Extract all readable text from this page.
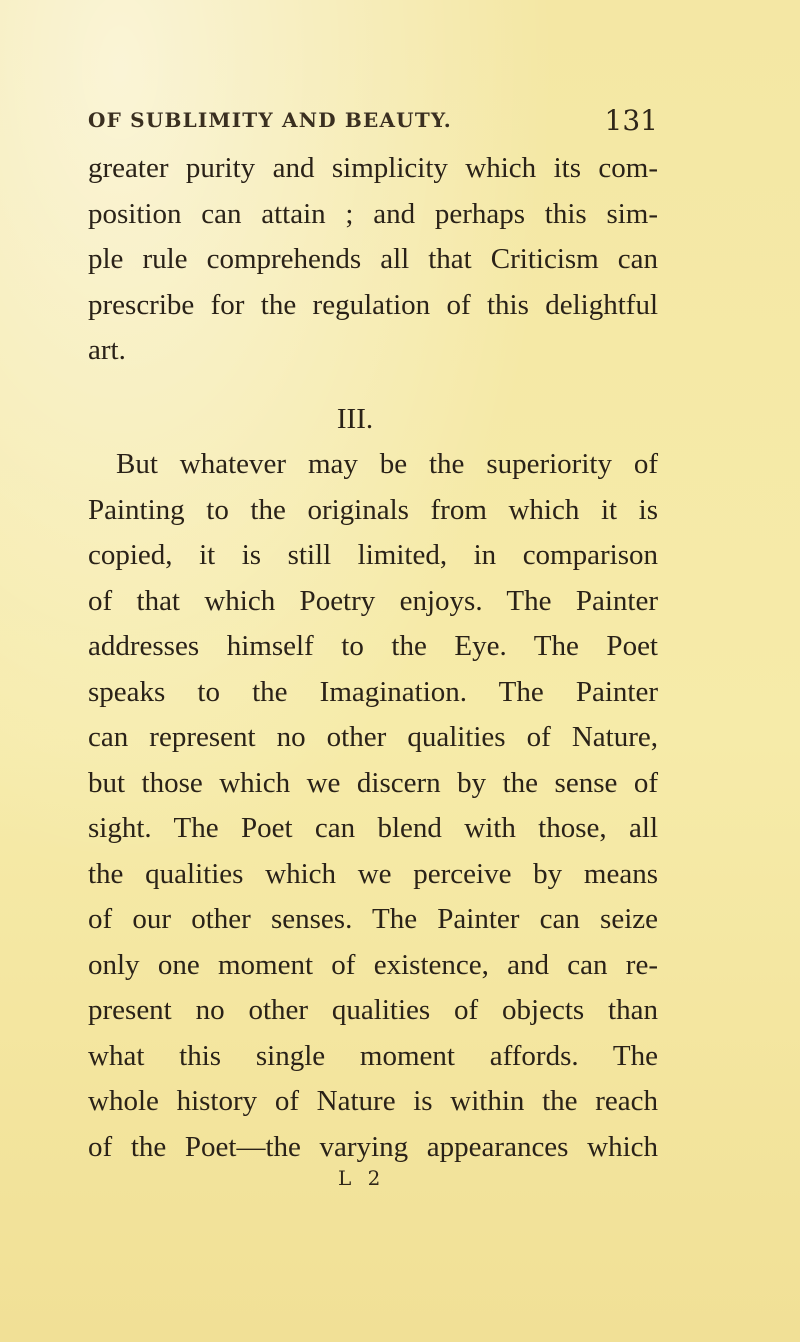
OF SUBLIMITY AND BEAUTY.	131
greater purity and simplicity which its com-
position can attain ; and perhaps this sim-
ple rule comprehends all that Criticism can
prescribe for the regulation of this delightful
art.
III.
But whatever may be the superiority of
Painting to the originals from which it is
copied, it is still limited, in comparison
of that which Poetry enjoys. The Painter
addresses himself to the Eye. The Poet
speaks to the Imagination. The Painter
can represent no other qualities of Nature,
but those which we discern by the sense of
sight. The Poet can blend with those, all
the qualities which we perceive by means
of our other senses. The Painter can seize
only one moment of existence, and can re-
present no other qualities of objects than
what this single moment affords. The
whole history of Nature is within the reach
of the Poet—the varying appearances which
L 2
